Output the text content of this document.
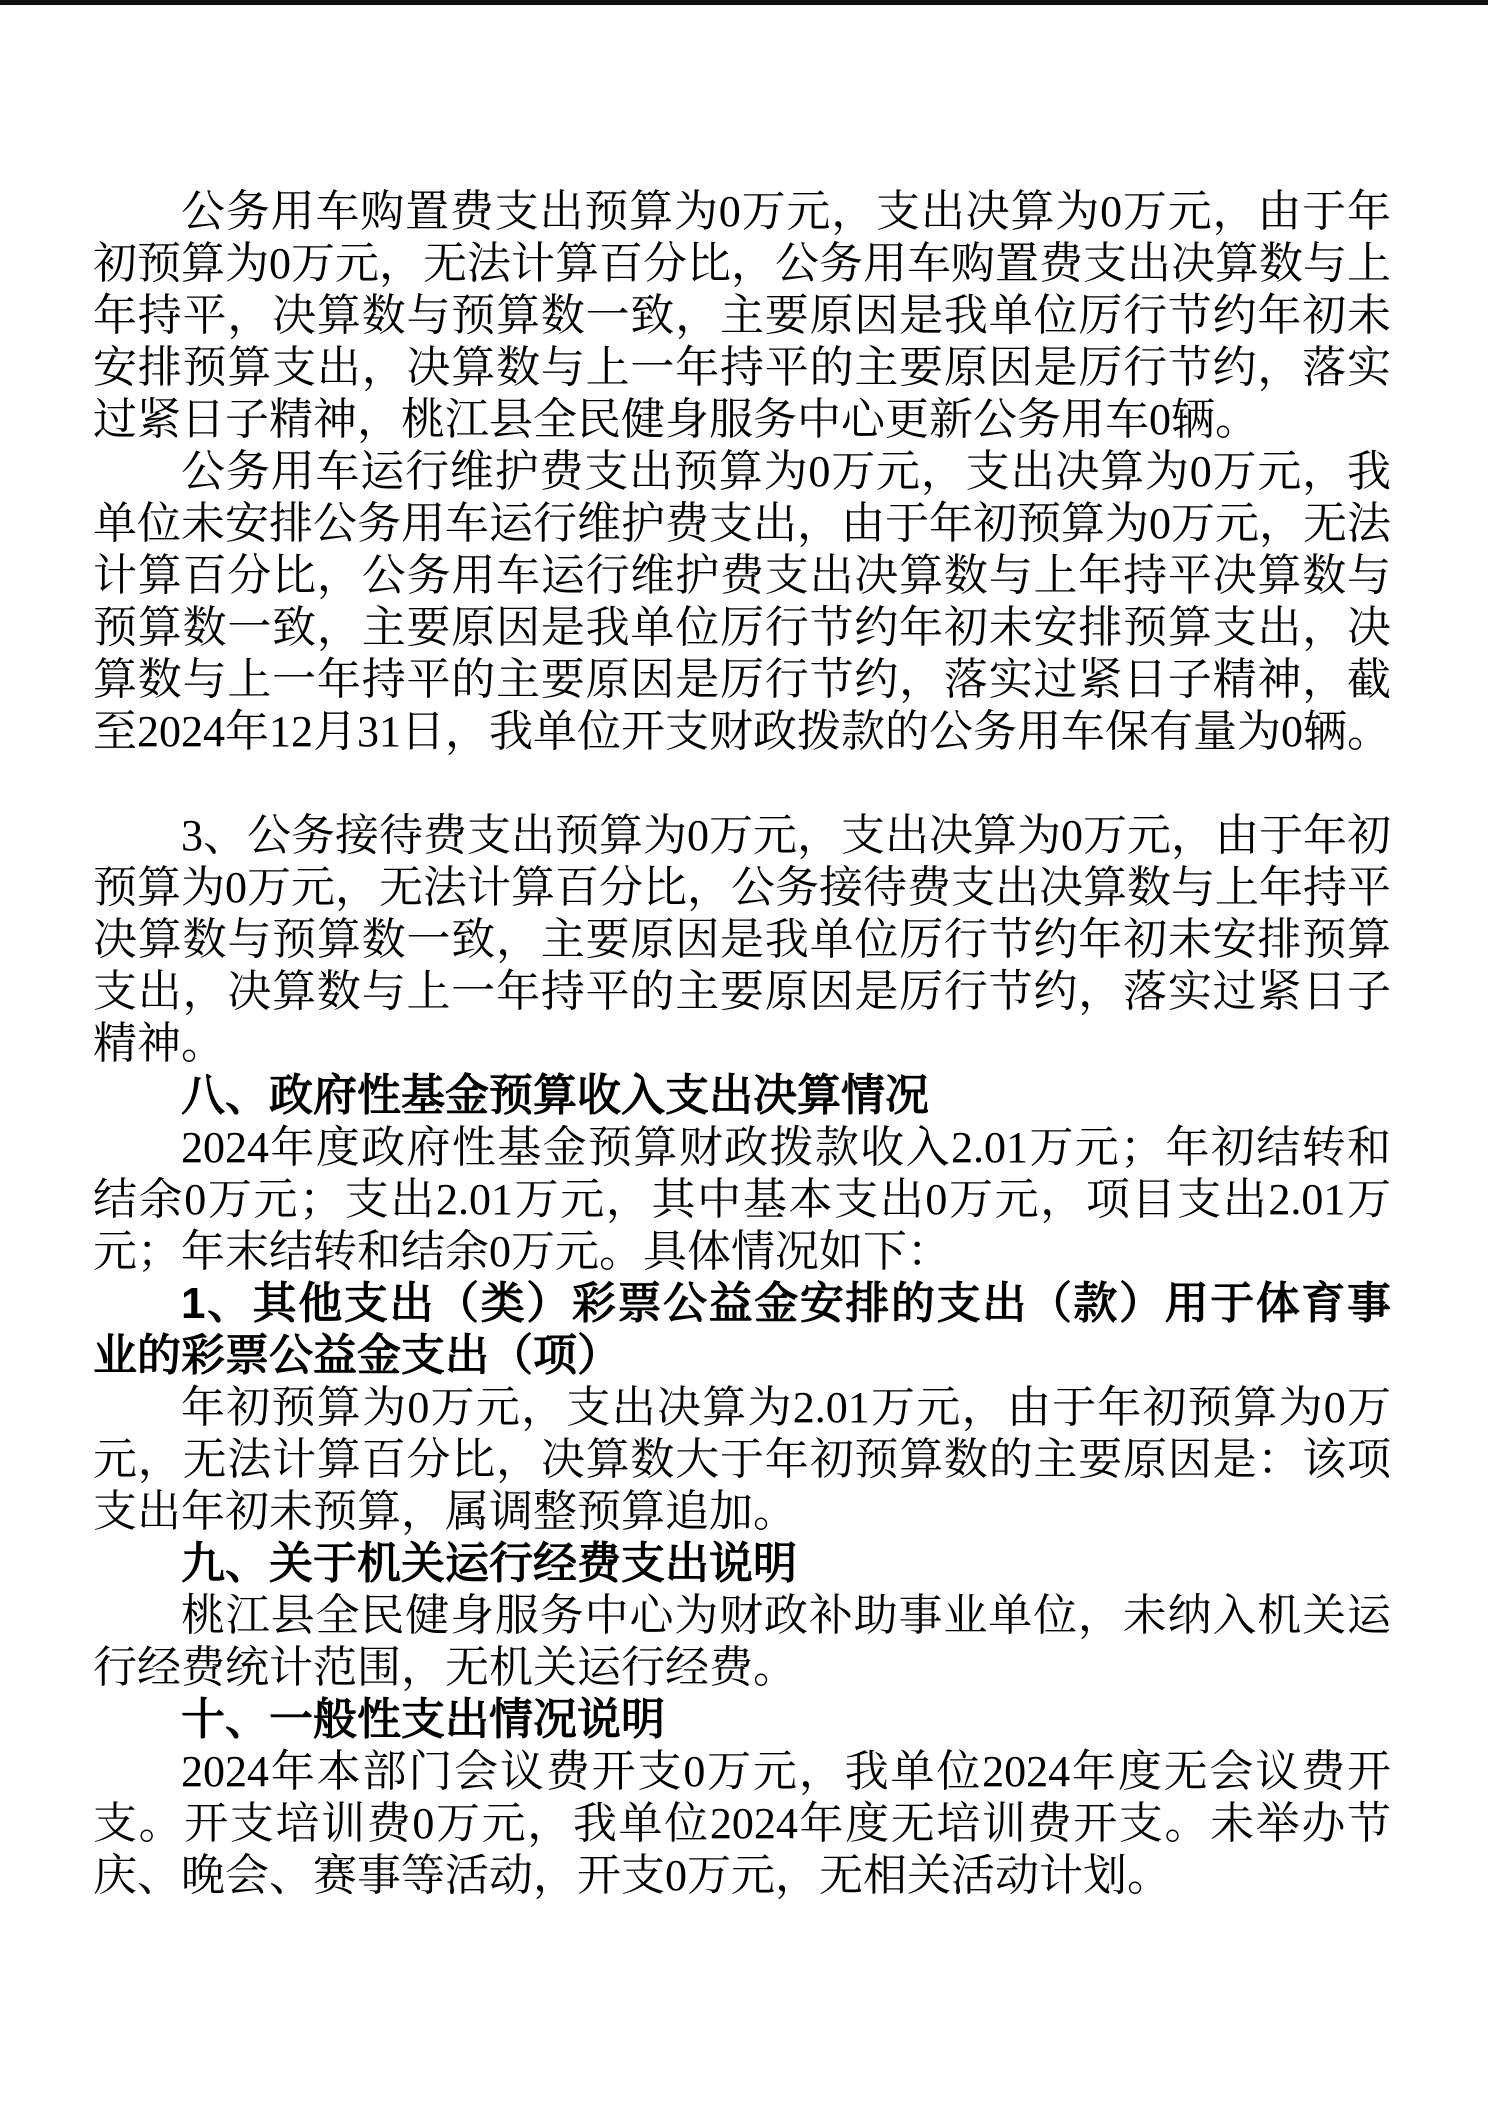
公务用车购置费支出预算为0万元，支出决算为0万元，由于年初预算为0万元，无法计算百分比，公务用车购置费支出决算数与上年持平，决算数与预算数一致，主要原因是我单位厉行节约年初未安排预算支出，决算数与上一年持平的主要原因是厉行节约，落实过紧日子精神，桃江县全民健身服务中心更新公务用车0辆。

公务用车运行维护费支出预算为0万元，支出决算为0万元，我单位未安排公务用车运行维护费支出，由于年初预算为0万元，无法计算百分比，公务用车运行维护费支出决算数与上年持平决算数与预算数一致，主要原因是我单位厉行节约年初未安排预算支出，决算数与上一年持平的主要原因是厉行节约，落实过紧日子精神，截至2024年12月31日，我单位开支财政拨款的公务用车保有量为0辆。

3、公务接待费支出预算为0万元，支出决算为0万元，由于年初预算为0万元，无法计算百分比，公务接待费支出决算数与上年持平决算数与预算数一致，主要原因是我单位厉行节约年初未安排预算支出，决算数与上一年持平的主要原因是厉行节约，落实过紧日子精神。

八、政府性基金预算收入支出决算情况

2024年度政府性基金预算财政拨款收入2.01万元；年初结转和结余0万元；支出2.01万元，其中基本支出0万元，项目支出2.01万元；年末结转和结余0万元。具体情况如下：

1、其他支出（类）彩票公益金安排的支出（款）用于体育事业的彩票公益金支出（项）

年初预算为0万元，支出决算为2.01万元，由于年初预算为0万元，无法计算百分比，决算数大于年初预算数的主要原因是：该项支出年初未预算，属调整预算追加。

九、关于机关运行经费支出说明

桃江县全民健身服务中心为财政补助事业单位，未纳入机关运行经费统计范围，无机关运行经费。

十、一般性支出情况说明

2024年本部门会议费开支0万元，我单位2024年度无会议费开支。开支培训费0万元，我单位2024年度无培训费开支。未举办节庆、晚会、赛事等活动，开支0万元，无相关活动计划。
